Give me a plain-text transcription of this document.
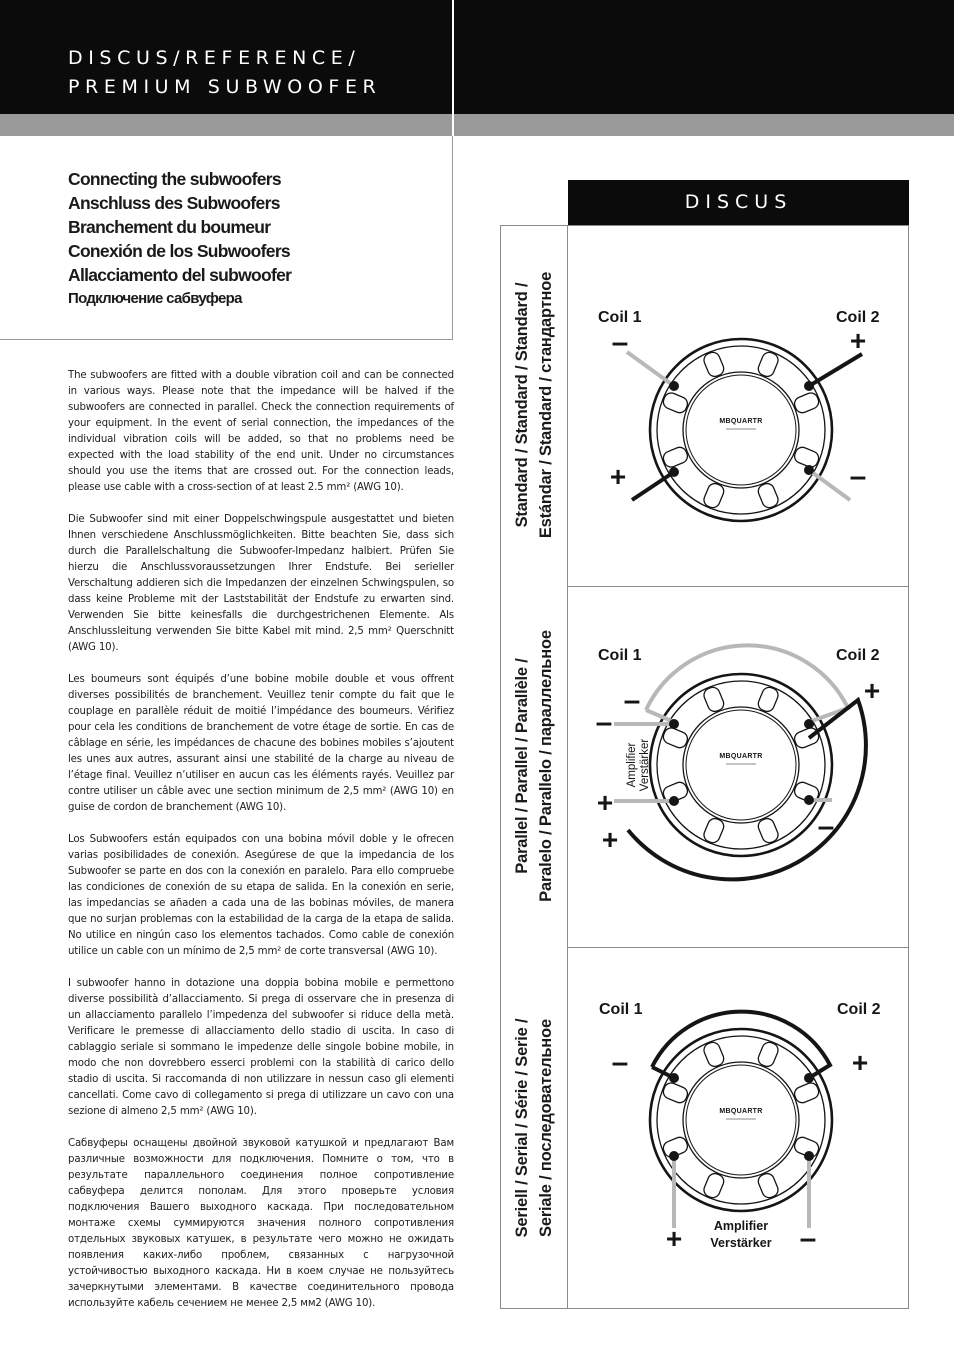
DISCUS/REFERENCE/
PREMIUM SUBWOOFER
Connecting the subwoofers
Anschluss des Subwoofers
Branchement du boumeur
Conexión de los Subwoofers
Allacciamento del subwoofer
Подключение сабвуфера

The subwoofers are fitted with a double vibration coil and can be connected in various ways. Please note that the impedance will be halved if the subwoofers are connected in parallel. Check the connection requirements of your equipment. In the event of serial connection, the impedances of the individual vibration coils will be added, so that no problems need be expected with the load stability of the end unit. Under no circumstances should you use the items that are crossed out. For the connection leads, please use cable with a cross-section of at least 2.5 mm² (AWG 10).

Die Subwoofer sind mit einer Doppelschwingspule ausgestattet und bieten Ihnen verschiedene Anschlussmöglichkeiten. Bitte beachten Sie, dass sich durch die Parallelschaltung die Subwoofer-Impedanz halbiert. Prüfen Sie hierzu die Anschlussvoraussetzungen Ihrer Endstufe. Bei serieller Verschaltung addieren sich die Impedanzen der einzelnen Schwingspulen, so dass keine Probleme mit der Laststabilität der Endstufe zu erwarten sind. Verwenden Sie bitte keinesfalls die durchgestrichenen Elemente. Als Anschlussleitung verwenden Sie bitte Kabel mit mind. 2,5 mm² Querschnitt (AWG 10).

Les boumeurs sont équipés d’une bobine mobile double et vous offrent diverses possibilités de branchement. Veuillez tenir compte du fait que le couplage en parallèle réduit de moitié l’impédance des boumeurs. Vérifiez pour cela les conditions de branchement de votre étage de sortie. En cas de câblage en série, les impédances de chacune des bobines mobiles s’ajoutent les unes aux autres, assurant ainsi une stabilité de la charge au niveau de l’étage final. Veuillez n’utiliser en aucun cas les éléments rayés. Veuillez par contre utiliser un câble avec une section minimum de 2,5 mm² (AWG 10) en guise de cordon de branchement (AWG 10).

Los Subwoofers están equipados con una bobina móvil doble y le ofrecen varias posibilidades de conexión. Asegúrese de que la impedancia de los Subwoofer se parte en dos con la conexión en paralelo. Para ello compruebe las condiciones de conexión de su etapa de salida. En la conexión en serie, las impedancias se añaden a cada una de las bobinas móviles, de manera que no surjan problemas con la estabilidad de la carga de la etapa de salida. No utilice en ningún caso los elementos tachados. Como cable de conexión utilice un cable con un mínimo de 2,5 mm² de corte transversal (AWG 10).

I subwoofer hanno in dotazione una doppia bobina mobile e permettono diverse possibilità d’allacciamento. Si prega di osservare che in presenza di un allacciamento parallelo l’impedenza del subwoofer si riduce della metà. Verificare le premesse di allacciamento dello stadio di uscita. In caso di cablaggio seriale si sommano le impedenze delle singole bobine mobile, in modo che non dovrebbero esserci problemi con la stabilità di carico dello stadio di uscita. Si raccomanda di non utilizzare in nessun caso gli elementi cancellati. Come cavo di collegamento si prega di utilizzare un cavo con una sezione di almeno 2,5 mm² (AWG 10).

Сабвуферы оснащены двойной звуковой катушкой и предлагают Вам различные возможности для подключения. Помните о том, что в результате параллельного соединения полное сопротивление сабвуфера делится пополам. Для этого проверьте условия подключения Вашего выходного каскада. При последовательном монтаже схемы суммируются значения полного сопротивления отдельных звуковых катушек, в результате чего можно не ожидать появления каких-либо проблем, связанных с нагрузочной устойчивостью выходного каскада. Ни в коем случае не пользуйтесь зачеркнутыми элементами. В качестве соединительного провода используйте кабель сечением не менее 2,5 мм2 (AWG 10).

DISCUS
Standard / Standard / Standard / Estándar / Standard / стандартное
Parallel / Parallel / Parallèle / Paralelo / Parallelo / параллельное
Seriell / Serial / Série / Serie / Seriale / последовательное
Coil 1	Coil 2
–	+
+	–
Coil 1	Coil 2
–
–
+
+
+
–
Amplifier Verstärker
Coil 1	Coil 2
–	+
+	–
Amplifier
Verstärker
